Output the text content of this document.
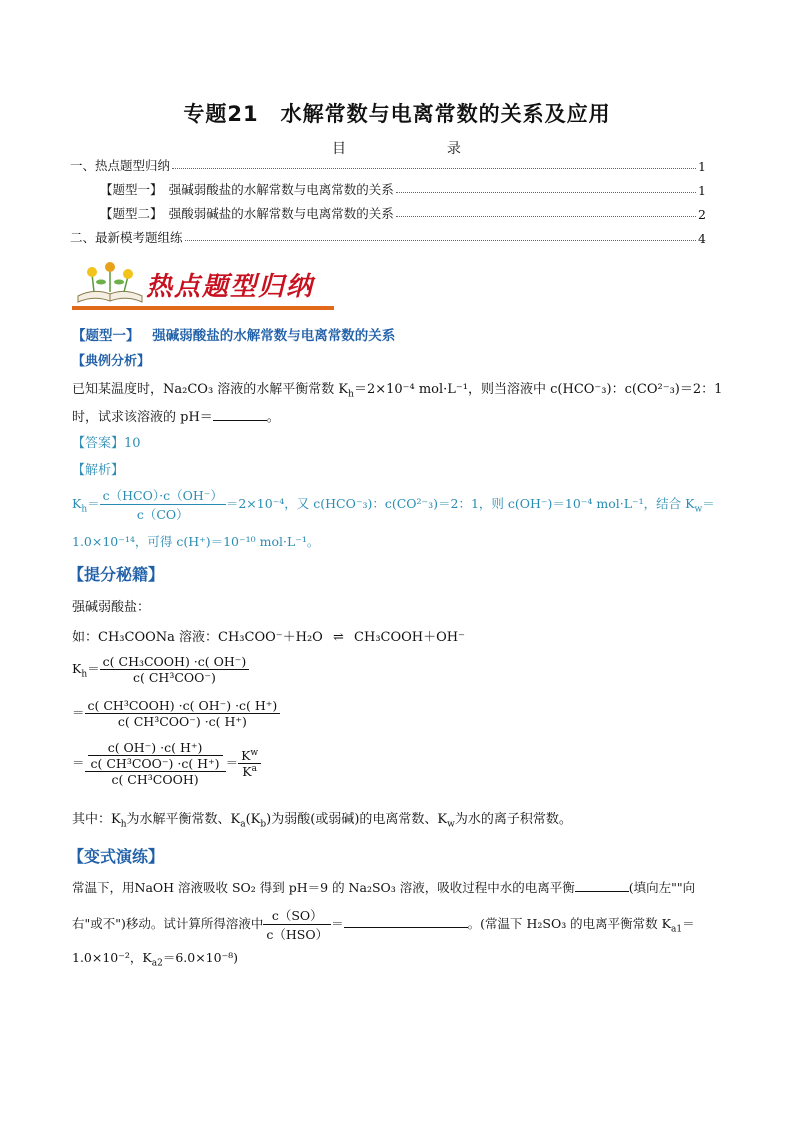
专题21　水解常数与电离常数的关系及应用
目	录
一、热点题型归纳	1
【题型一】　强碱弱酸盐的水解常数与电离常数的关系	1
【题型二】　强酸弱碱盐的水解常数与电离常数的关系	2
二、最新模考题组练	4
热点题型归纳
【题型一】 强碱弱酸盐的水解常数与电离常数的关系
【典例分析】
已知某温度时，Na₂CO₃ 溶液的水解平衡常数 $K_h=2\times 10^{-4}$ mol·L⁻¹，则当溶液中 c(HCO⁻₃)：c(CO²⁻₃)＝2：1
时，试求该溶液的 pH＝	。
【答案】10
【解析】
$K_h= \frac{\text{c（HCO）·c（OH⁻）}}{c(CO)} =2\times 10^{-4}$，又 c(HCO⁻₃)：c(CO²⁻₃)＝2：1，则 c(OH⁻)＝10⁻⁴ mol·L⁻¹，结合 $K_w=$
1.0×10⁻¹⁴，可得 c(H⁺)＝10⁻¹⁰ mol·L⁻¹。
【提分秘籍】
强碱弱酸盐：
如：CH₃COONa 溶液：CH₃COO⁻＋H₂O ⇌ CH₃COOH＋OH⁻
$K_h= \frac{\text{c( CH₃COOH) ·c( OH⁻)}}{\text{c( CH³COO⁻)}}$
＝ $\frac{\text{c( CH³COOH) ·c( OH⁻) ·c( H⁺)}}{\text{c( CH³COO⁻) ·c( H⁺)}}$
＝ $\frac{\frac{c( OH^-) \cdot c( H^+)}{\text{c( CH³COO⁻) ·c( H⁺)}}}{\text{c( CH³COOH)}} = \frac{K^w}{K^a}$
其中：$K_h$为水解平衡常数、$K_a(K_b)$为弱酸(或弱碱)的电离常数、$K_w$为水的离子积常数。
【变式演练】
常温下，用NaOH 溶液吸收 SO₂ 得到 pH＝9 的 Na₂SO₃ 溶液，吸收过程中水的电离平衡	(填向左""向
右"或不")移动。试计算所得溶液中 $\frac{c(SO)}{\text{c（HSO）}}$ ＝	。(常温下 H₂SO₃ 的电离平衡常数 $K_{a1}=$
1.0×10⁻²，$K_{a2}=6.0\times 10^{-8}$)
